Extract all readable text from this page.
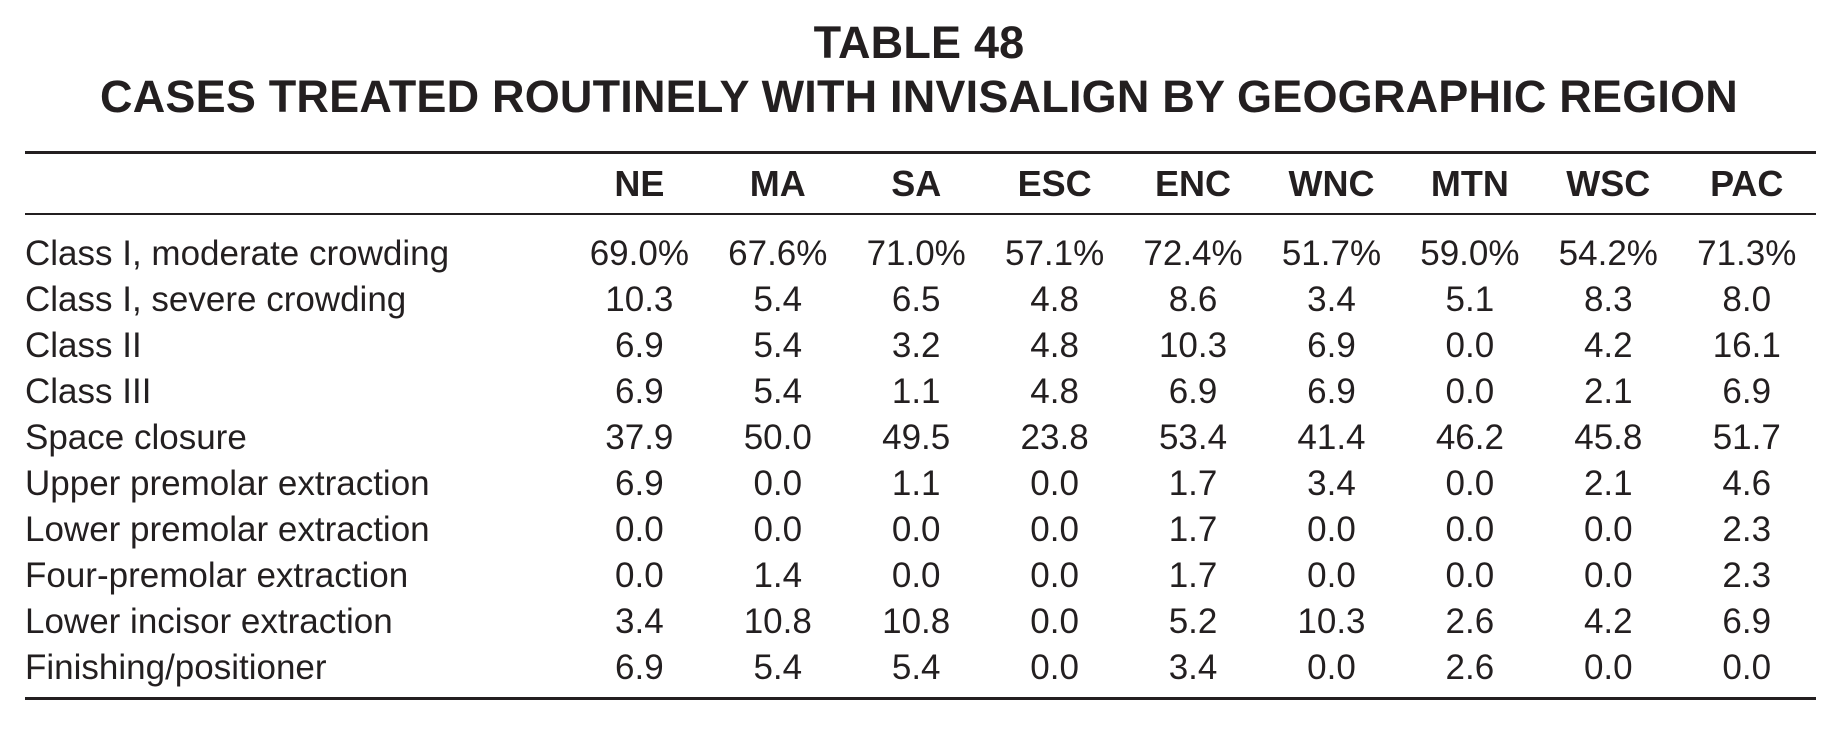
TABLE 48
CASES TREATED ROUTINELY WITH INVISALIGN BY GEOGRAPHIC REGION
	NE	MA	SA	ESC	ENC	WNC	MTN	WSC	PAC

Class I, moderate crowding	69.0%	67.6%	71.0%	57.1%	72.4%	51.7%	59.0%	54.2%	71.3%
Class I, severe crowding	10.3	5.4	6.5	4.8	8.6	3.4	5.1	8.3	8.0
Class II	6.9	5.4	3.2	4.8	10.3	6.9	0.0	4.2	16.1
Class III	6.9	5.4	1.1	4.8	6.9	6.9	0.0	2.1	6.9
Space closure	37.9	50.0	49.5	23.8	53.4	41.4	46.2	45.8	51.7
Upper premolar extraction	6.9	0.0	1.1	0.0	1.7	3.4	0.0	2.1	4.6
Lower premolar extraction	0.0	0.0	0.0	0.0	1.7	0.0	0.0	0.0	2.3
Four-premolar extraction	0.0	1.4	0.0	0.0	1.7	0.0	0.0	0.0	2.3
Lower incisor extraction	3.4	10.8	10.8	0.0	5.2	10.3	2.6	4.2	6.9
Finishing/positioner	6.9	5.4	5.4	0.0	3.4	0.0	2.6	0.0	0.0
